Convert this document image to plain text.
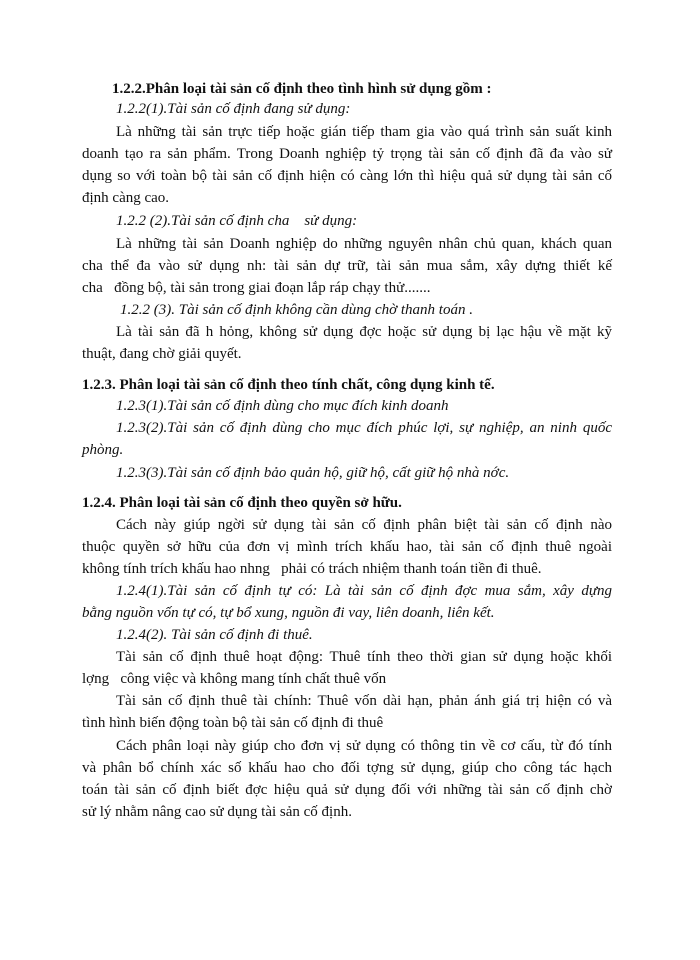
1.2.2.Phân loại tài sản cố định theo tình hình sử dụng gồm :
1.2.2(1).Tài sản cố định đang sử dụng:
Là những tài sản trực tiếp hoặc gián tiếp tham gia vào quá trình sản suất kinh
doanh tạo ra sản phẩm. Trong Doanh nghiệp tỷ trọng tài sản cố định đã đa vào sử
dụng so với toàn bộ tài sản cố định hiện có càng lớn thì hiệu quả sử dụng tài sản cố
định càng cao.
1.2.2 (2).Tài sản cố định cha    sử dụng:
Là những tài sản Doanh nghiệp do những nguyên nhân chủ quan, khách quan
cha thể đa vào sử dụng nh: tài sản dự trữ, tài sản mua sắm, xây dựng thiết kế
cha   đồng bộ, tài sản trong giai đoạn lắp ráp chạy thử.......
1.2.2 (3). Tài sản cố định không cần dùng chờ thanh toán .
Là tài sản đã h hỏng, không sử dụng đợc hoặc sử dụng bị lạc hậu về mặt kỹ
thuật, đang chờ giải quyết.
1.2.3. Phân loại tài sản cố định theo tính chất, công dụng kinh tế.
1.2.3(1).Tài sản cố định dùng cho mục đích kinh doanh
1.2.3(2).Tài sản cố định dùng cho mục đích phúc lợi, sự nghiệp, an ninh quốc
phòng.
1.2.3(3).Tài sản cố định bảo quản hộ, giữ hộ, cất giữ hộ nhà nớc.
1.2.4. Phân loại tài sản cố định theo quyền sở hữu.
Cách này giúp ngời sử dụng tài sản cố định phân biệt tài sản cố định nào
thuộc quyền sở hữu của đơn vị mình trích khấu hao, tài sản cố định thuê ngoài
không tính trích khấu hao nhng   phải có trách nhiệm thanh toán tiền đi thuê.
1.2.4(1).Tài sản cố định tự có: Là tài sản cố định đợc mua sắm, xây dựng
bằng nguồn vốn tự có, tự bổ xung, nguồn đi vay, liên doanh, liên kết.
1.2.4(2). Tài sản cố định đi thuê.
Tài sản cố định thuê hoạt động: Thuê tính theo thời gian sử dụng hoặc khối
lợng   công việc và không mang tính chất thuê vốn
Tài sản cố định thuê tài chính: Thuê vốn dài hạn, phản ánh giá trị hiện có và
tình hình biến động toàn bộ tài sản cố định đi thuê
Cách phân loại này giúp cho đơn vị sử dụng có thông tin về cơ cấu, từ đó tính
và phân bổ chính xác số khấu hao cho đối tợng sử dụng, giúp cho công tác hạch
toán tài sản cố định biết đợc hiệu quả sử dụng đối với những tài sản cố định chờ
sử lý nhằm nâng cao sử dụng tài sản cố định.
